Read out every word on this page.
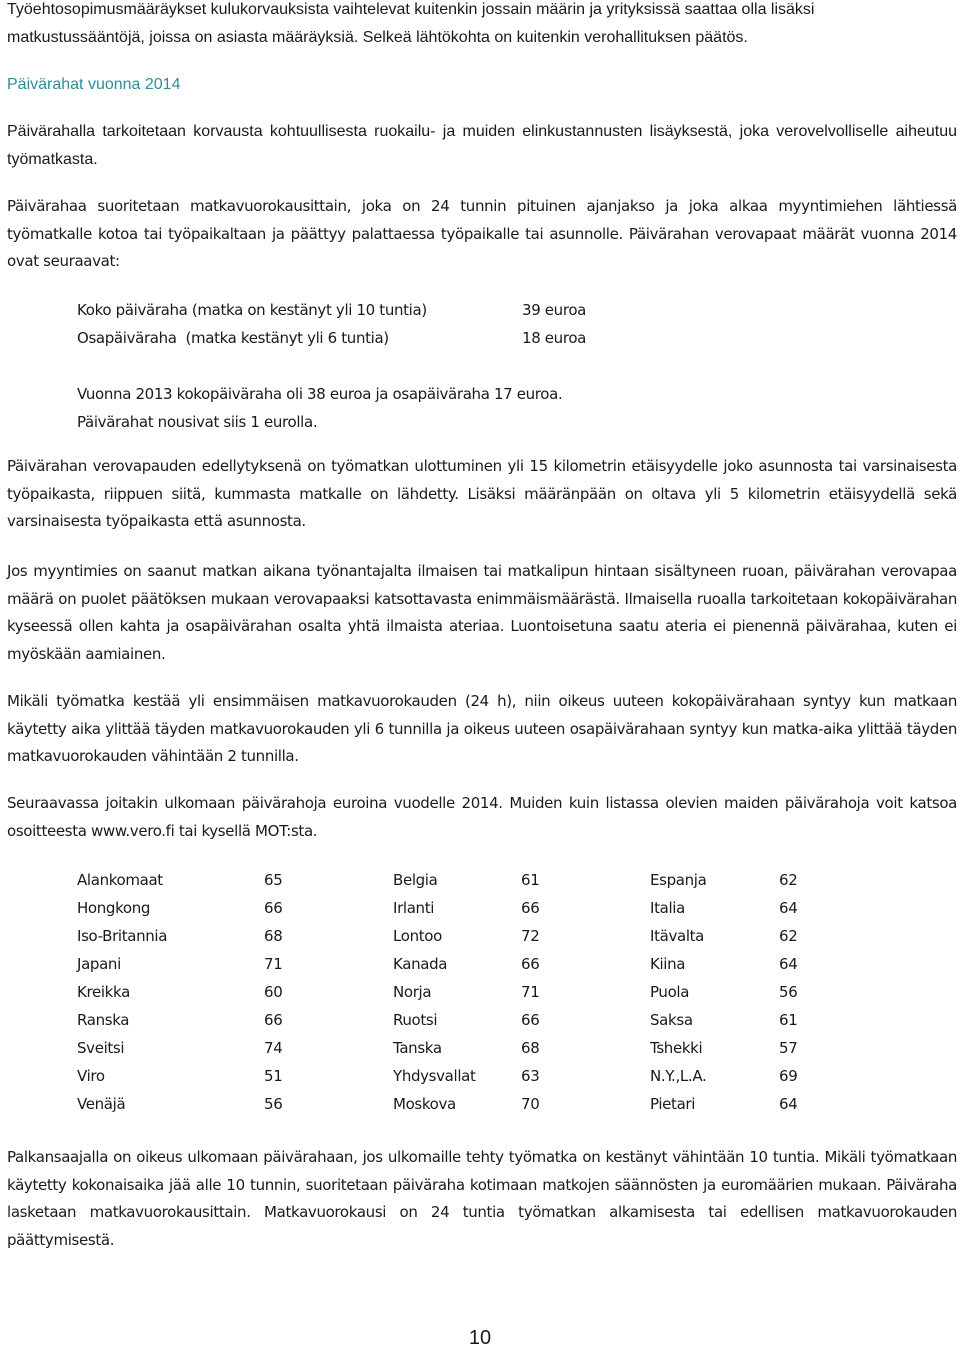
Työehtosopimusmääräykset kulukorvauksista vaihtelevat kuitenkin jossain määrin ja yrityksissä saattaa olla lisäksi
matkustussääntöjä, joissa on asiasta määräyksiä. Selkeä lähtökohta on kuitenkin verohallituksen päätös.

Päivärahat vuonna 2014

Päivärahalla tarkoitetaan korvausta kohtuullisesta ruokailu- ja muiden elinkustannusten lisäyksestä, joka verovelvolliselle aiheutuu työmatkasta.

Päivärahaa suoritetaan matkavuorokausittain, joka on 24 tunnin pituinen ajanjakso ja joka alkaa myyntimiehen lähtiessä työmatkalle kotoa tai työpaikaltaan ja päättyy palattaessa työpaikalle tai asunnolle. Päivärahan verovapaat määrät vuonna 2014 ovat seuraavat:

Koko päiväraha (matka on kestänyt yli 10 tuntia)	39 euroa
Osapäiväraha  (matka kestänyt yli 6 tuntia)	18 euroa

Vuonna 2013 kokopäiväraha oli 38 euroa ja osapäiväraha 17 euroa.

Päivärahat nousivat siis 1 eurolla.

Päivärahan verovapauden edellytyksenä on työmatkan ulottuminen yli 15 kilometrin etäisyydelle joko asunnosta tai varsinaisesta työpaikasta, riippuen siitä, kummasta matkalle on lähdetty. Lisäksi määränpään on oltava yli 5 kilometrin etäisyydellä sekä varsinaisesta työpaikasta että asunnosta.

Jos myyntimies on saanut matkan aikana työnantajalta ilmaisen tai matkalipun hintaan sisältyneen ruoan, päivärahan verovapaa määrä on puolet päätöksen mukaan verovapaaksi katsottavasta enimmäismäärästä. Ilmaisella ruoalla tarkoitetaan kokopäivärahan kyseessä ollen kahta ja osapäivärahan osalta yhtä ilmaista ateriaa. Luontoisetuna saatu ateria ei pienennä päivärahaa, kuten ei myöskään aamiainen.

Mikäli työmatka kestää yli ensimmäisen matkavuorokauden (24 h), niin oikeus uuteen kokopäivärahaan syntyy kun matkaan käytetty aika ylittää täyden matkavuorokauden yli 6 tunnilla ja oikeus uuteen osapäivärahaan syntyy kun matka-aika ylittää täyden matkavuorokauden vähintään 2 tunnilla.

Seuraavassa joitakin ulkomaan päivärahoja euroina vuodelle 2014. Muiden kuin listassa olevien maiden päivärahoja voit katsoa osoitteesta www.vero.fi tai kysellä MOT:sta.

Alankomaat	65	Belgia	61	Espanja	62
Hongkong	66	Irlanti	66	Italia	64
Iso-Britannia	68	Lontoo	72	Itävalta	62
Japani	71	Kanada	66	Kiina	64
Kreikka	60	Norja	71	Puola	56
Ranska	66	Ruotsi	66	Saksa	61
Sveitsi	74	Tanska	68	Tshekki	57
Viro	51	Yhdysvallat	63	N.Y.,L.A.	69
Venäjä	56	Moskova	70	Pietari	64

Palkansaajalla on oikeus ulkomaan päivärahaan, jos ulkomaille tehty työmatka on kestänyt vähintään 10 tuntia. Mikäli työmatkaan käytetty kokonaisaika jää alle 10 tunnin, suoritetaan päiväraha kotimaan matkojen säännösten ja euromäärien mukaan. Päiväraha lasketaan matkavuorokausittain. Matkavuorokausi on 24 tuntia työmatkan alkamisesta tai edellisen matkavuorokauden päättymisestä.

10
